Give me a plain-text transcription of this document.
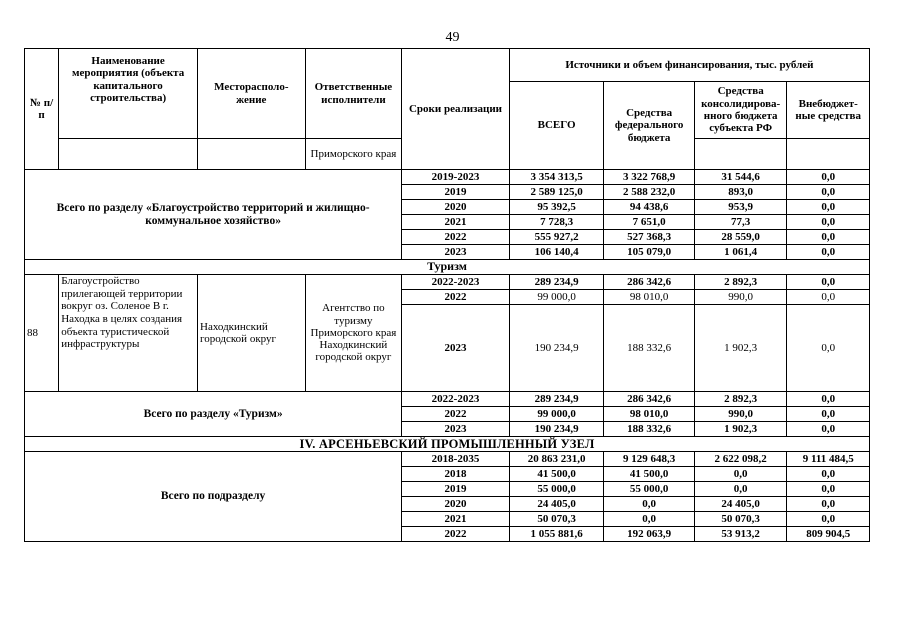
49
№ п/п	Наименование мероприятия (объекта капитального строительства)	Месторасполо-жение	Ответственные исполнители	Сроки реализации	Источники и объем финансирования, тыс. рублей			
					ВСЕГО	Средства федерального бюджета	Средства консолидирова-нного бюджета субъекта РФ	Внебюджет-ные средства
			Приморского края					
Всего по разделу «Благоустройство территорий и жилищно-коммунальное хозяйство»				2019-2023	3 354 313,5	3 322 768,9	31 544,6	0,0
				2019	2 589 125,0	2 588 232,0	893,0	0,0
				2020	95 392,5	94 438,6	953,9	0,0
				2021	7 728,3	7 651,0	77,3	0,0
				2022	555 927,2	527 368,3	28 559,0	0,0
				2023	106 140,4	105 079,0	1 061,4	0,0
Туризм								
88	Благоустройство прилегающей территории вокруг оз. Соленое В г. Находка в целях создания объекта туристической инфраструктуры	Находкинский городской округ	Агентство по туризму Приморского края Находкинский городской округ	2022-2023	289 234,9	286 342,6	2 892,3	0,0
				2022	99 000,0	98 010,0	990,0	0,0
				2023	190 234,9	188 332,6	1 902,3	0,0
Всего по разделу «Туризм»				2022-2023	289 234,9	286 342,6	2 892,3	0,0
				2022	99 000,0	98 010,0	990,0	0,0
				2023	190 234,9	188 332,6	1 902,3	0,0
IV. АРСЕНЬЕВСКИЙ ПРОМЫШЛЕННЫЙ УЗЕЛ								
Всего по подразделу				2018-2035	20 863 231,0	9 129 648,3	2 622 098,2	9 111 484,5
				2018	41 500,0	41 500,0	0,0	0,0
				2019	55 000,0	55 000,0	0,0	0,0
				2020	24 405,0	0,0	24 405,0	0,0
				2021	50 070,3	0,0	50 070,3	0,0
				2022	1 055 881,6	192 063,9	53 913,2	809 904,5
